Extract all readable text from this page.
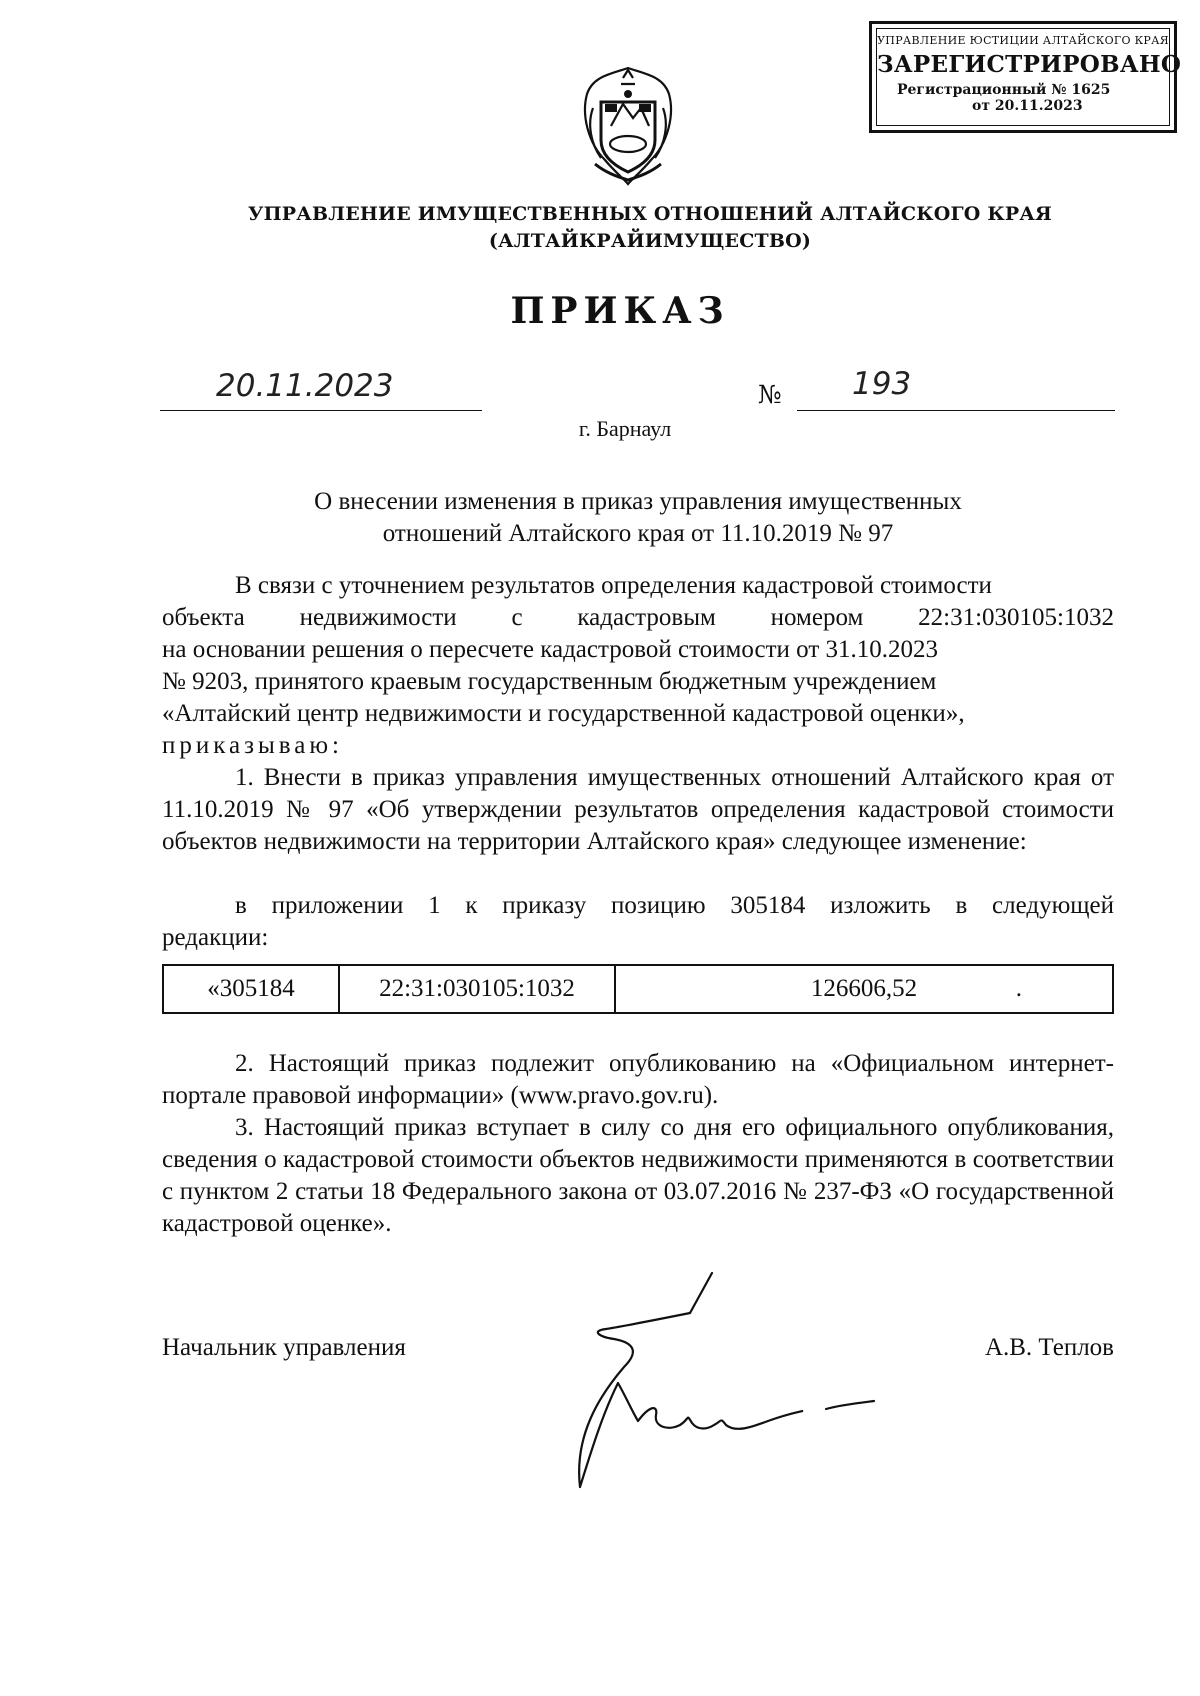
УПРАВЛЕНИЕ ЮСТИЦИИ АЛТАЙСКОГО КРАЯ
ЗАРЕГИСТРИРОВАНО
Регистрационный № 1625
от 20.11.2023
УПРАВЛЕНИЕ ИМУЩЕСТВЕННЫХ ОТНОШЕНИЙ АЛТАЙСКОГО КРАЯ
(АЛТАЙКРАЙИМУЩЕСТВО)
ПРИКАЗ
20.11.2023	№ 193
г. Барнаул
О внесении изменения в приказ управления имущественных
отношений Алтайского края от 11.10.2019 № 97
В связи с уточнением результатов определения кадастровой стоимости
объекта недвижимости с кадастровым номером 22:31:030105:1032
на основании решения о пересчете кадастровой стоимости от 31.10.2023
№ 9203, принятого краевым государственным бюджетным учреждением
«Алтайский центр недвижимости и государственной кадастровой оценки»,
приказываю:
1. Внести в приказ управления имущественных отношений Алтайского края от 11.10.2019 № 97 «Об утверждении результатов определения кадастровой стоимости объектов недвижимости на территории Алтайского края» следующее изменение:
в приложении 1 к приказу позицию 305184 изложить в следующей
редакции:
«305184	22:31:030105:1032	126606,52	.
2. Настоящий приказ подлежит опубликованию на «Официальном интернет-портале правовой информации» (www.pravo.gov.ru).
3. Настоящий приказ вступает в силу со дня его официального опубликования, сведения о кадастровой стоимости объектов недвижимости применяются в соответствии с пунктом 2 статьи 18 Федерального закона от 03.07.2016 № 237-ФЗ «О государственной кадастровой оценке».
Начальник управления	А.В. Теплов
